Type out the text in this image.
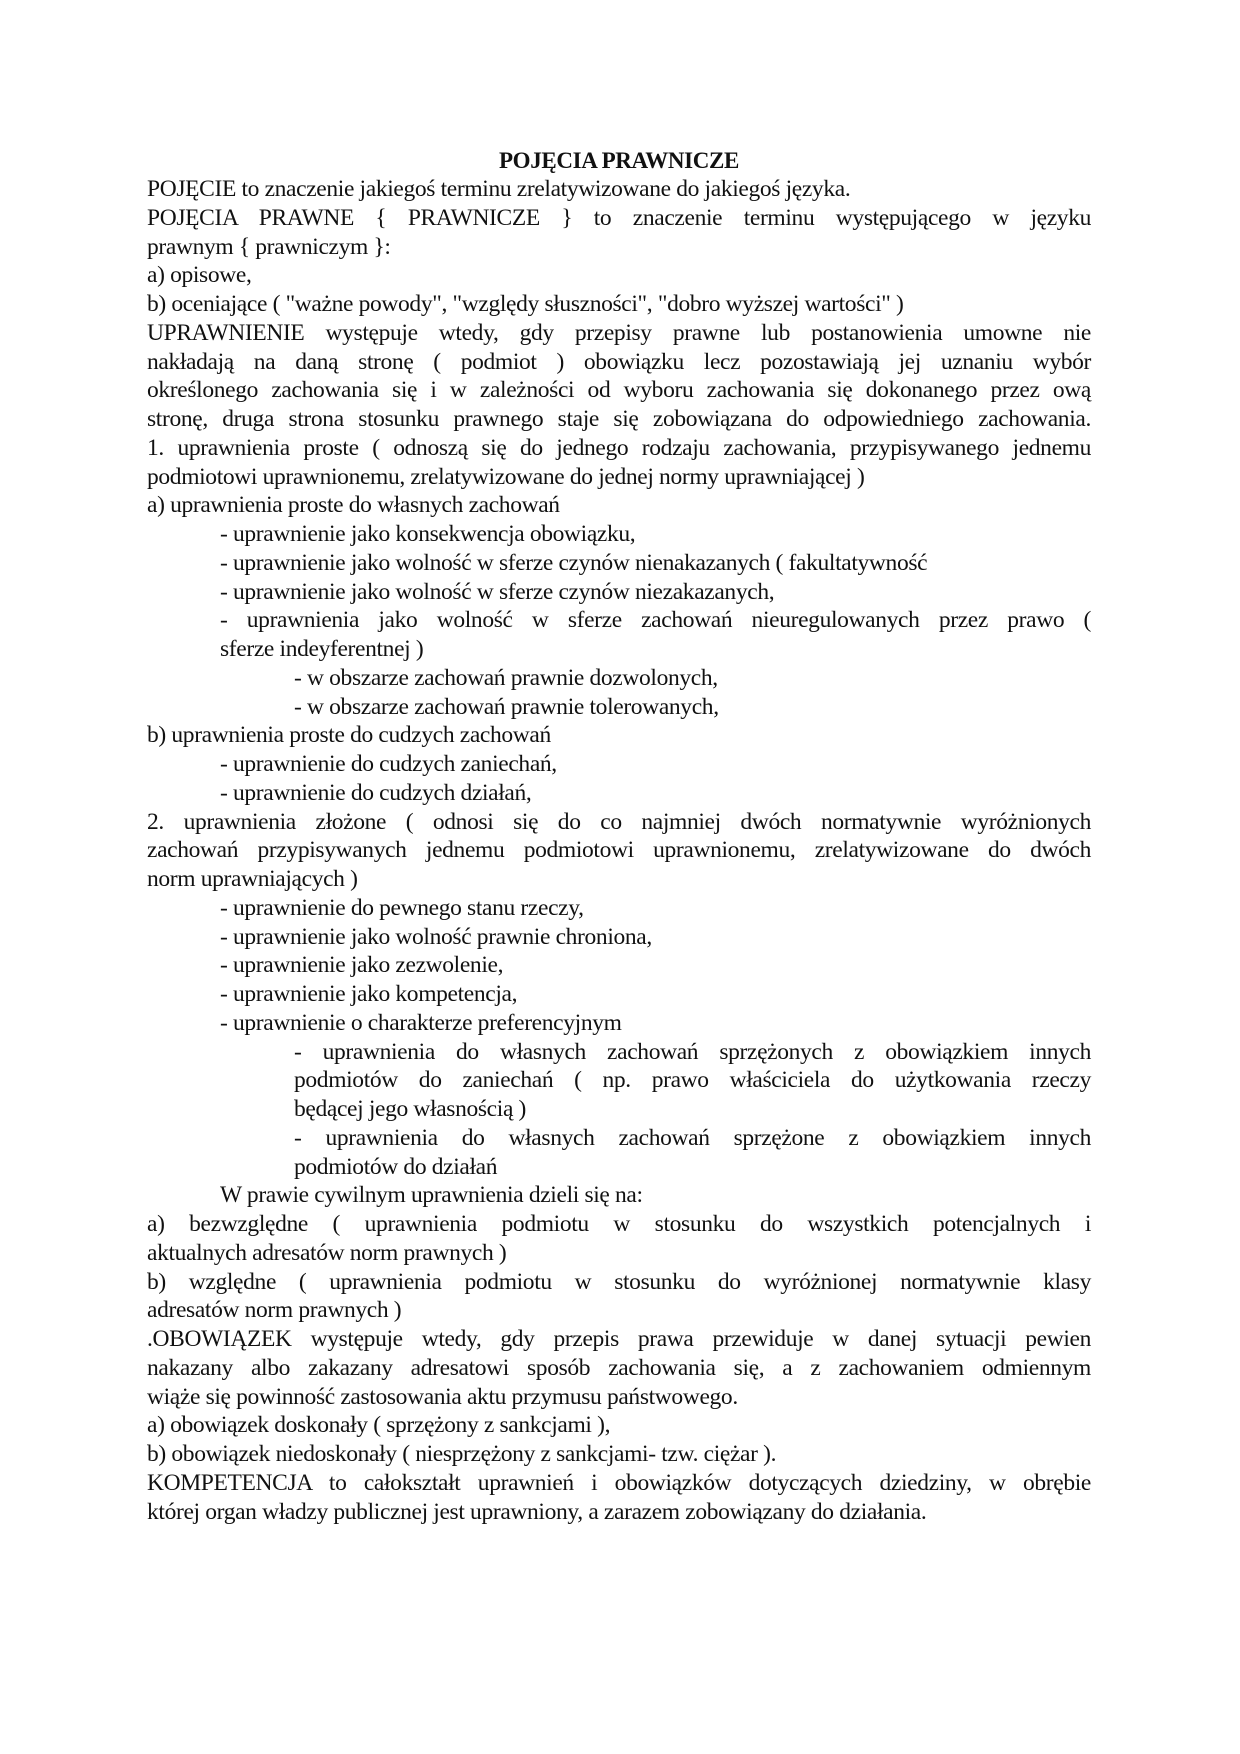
POJĘCIA PRAWNICZE
POJĘCIE to znaczenie jakiegoś terminu zrelatywizowane do jakiegoś języka.
POJĘCIA PRAWNE { PRAWNICZE } to znaczenie terminu występującego w języku
prawnym { prawniczym }:
a) opisowe,
b) oceniające ( "ważne powody", "względy słuszności", "dobro wyższej wartości" )
UPRAWNIENIE występuje wtedy, gdy przepisy prawne lub postanowienia umowne nie
nakładają na daną stronę ( podmiot ) obowiązku lecz pozostawiają jej uznaniu wybór
określonego zachowania się i w zależności od wyboru zachowania się dokonanego przez ową
stronę, druga strona stosunku prawnego staje się zobowiązana do odpowiedniego zachowania.
1. uprawnienia proste ( odnoszą się do jednego rodzaju zachowania, przypisywanego jednemu
podmiotowi uprawnionemu, zrelatywizowane do jednej normy uprawniającej )
a) uprawnienia proste do własnych zachowań
- uprawnienie jako konsekwencja obowiązku,
- uprawnienie jako wolność w sferze czynów nienakazanych ( fakultatywność
- uprawnienie jako wolność w sferze czynów niezakazanych,
- uprawnienia jako wolność w sferze zachowań nieuregulowanych przez prawo (
sferze indeyferentnej )
- w obszarze zachowań prawnie dozwolonych,
- w obszarze zachowań prawnie tolerowanych,
b) uprawnienia proste do cudzych zachowań
- uprawnienie do cudzych zaniechań,
- uprawnienie do cudzych działań,
2. uprawnienia złożone ( odnosi się do co najmniej dwóch normatywnie wyróżnionych
zachowań przypisywanych jednemu podmiotowi uprawnionemu, zrelatywizowane do dwóch
norm uprawniających )
- uprawnienie do pewnego stanu rzeczy,
- uprawnienie jako wolność prawnie chroniona,
- uprawnienie jako zezwolenie,
- uprawnienie jako kompetencja,
- uprawnienie o charakterze preferencyjnym
- uprawnienia do własnych zachowań sprzężonych z obowiązkiem innych
podmiotów do zaniechań ( np. prawo właściciela do użytkowania rzeczy
będącej jego własnością )
- uprawnienia do własnych zachowań sprzężone z obowiązkiem innych
podmiotów do działań
W prawie cywilnym uprawnienia dzieli się na:
a) bezwzględne ( uprawnienia podmiotu w stosunku do wszystkich potencjalnych i
aktualnych adresatów norm prawnych )
b) względne ( uprawnienia podmiotu w stosunku do wyróżnionej normatywnie klasy
adresatów norm prawnych )
.OBOWIĄZEK występuje wtedy, gdy przepis prawa przewiduje w danej sytuacji pewien
nakazany albo zakazany adresatowi sposób zachowania się, a z zachowaniem odmiennym
wiąże się powinność zastosowania aktu przymusu państwowego.
a) obowiązek doskonały ( sprzężony z sankcjami ),
b) obowiązek niedoskonały ( niesprzężony z sankcjami- tzw. ciężar ).
KOMPETENCJA to całokształt uprawnień i obowiązków dotyczących dziedziny, w obrębie
której organ władzy publicznej jest uprawniony, a zarazem zobowiązany do działania.
